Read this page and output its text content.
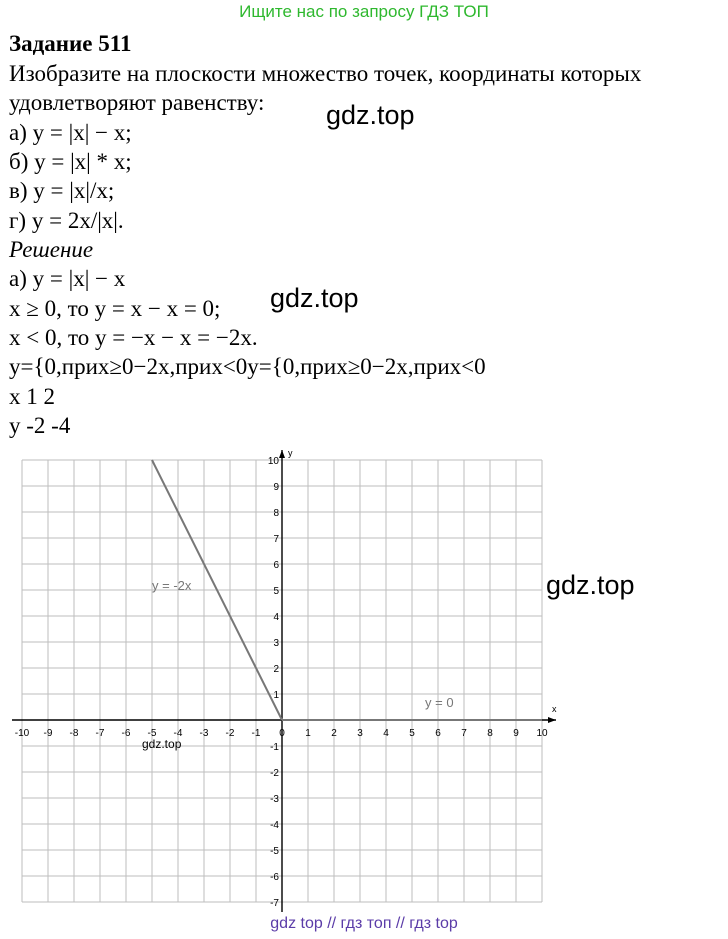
Ищите нас по запросу ГДЗ ТОП
Задание 511
Изобразите на плоскости множество точек, координаты которых
удовлетворяют равенству:
а) y = |x| − x;
б) y = |x| * x;
в) y = |x|/x;
г) y = 2x/|x|.
Решение
а) y = |x| − x
x ≥ 0, то y = x − x = 0;
x < 0, то y = −x − x = −2x.
y={0,прих≥0−2x,прих<0y={0,прих≥0−2x,прих<0
x 1 2
y -2 -4
gdz.top
gdz.top
gdz.top
x
y
-10 -9 -8 -7 -6 -5 -4 -3 -2 -1 0 1 2 3 4 5 6 7 8 9 10
10
9
8
7
6
5
4
3
2
1
-1
-2
-3
-4
-5
-6
-7
y = -2x
y = 0
gdz.top
gdz top // гдз топ // гдз top
